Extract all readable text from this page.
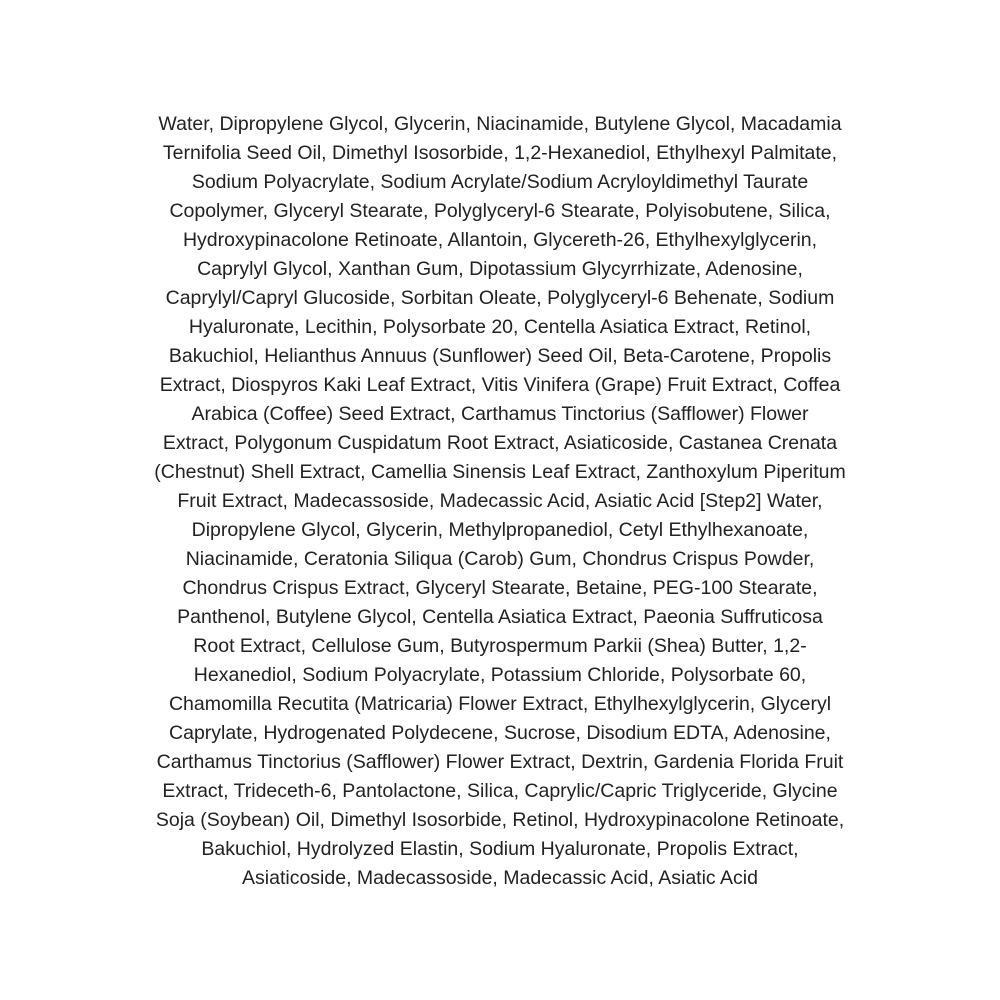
Water, Dipropylene Glycol, Glycerin, Niacinamide, Butylene Glycol, Macadamia
Ternifolia Seed Oil, Dimethyl Isosorbide, 1,2-Hexanediol, Ethylhexyl Palmitate,
Sodium Polyacrylate, Sodium Acrylate/Sodium Acryloyldimethyl Taurate
Copolymer, Glyceryl Stearate, Polyglyceryl-6 Stearate, Polyisobutene, Silica,
Hydroxypinacolone Retinoate, Allantoin, Glycereth-26, Ethylhexylglycerin,
Caprylyl Glycol, Xanthan Gum, Dipotassium Glycyrrhizate, Adenosine,
Caprylyl/Capryl Glucoside, Sorbitan Oleate, Polyglyceryl-6 Behenate, Sodium
Hyaluronate, Lecithin, Polysorbate 20, Centella Asiatica Extract, Retinol,
Bakuchiol, Helianthus Annuus (Sunflower) Seed Oil, Beta-Carotene, Propolis
Extract, Diospyros Kaki Leaf Extract, Vitis Vinifera (Grape) Fruit Extract, Coffea
Arabica (Coffee) Seed Extract, Carthamus Tinctorius (Safflower) Flower
Extract, Polygonum Cuspidatum Root Extract, Asiaticoside, Castanea Crenata
(Chestnut) Shell Extract, Camellia Sinensis Leaf Extract, Zanthoxylum Piperitum
Fruit Extract, Madecassoside, Madecassic Acid, Asiatic Acid [Step2] Water,
Dipropylene Glycol, Glycerin, Methylpropanediol, Cetyl Ethylhexanoate,
Niacinamide, Ceratonia Siliqua (Carob) Gum, Chondrus Crispus Powder,
Chondrus Crispus Extract, Glyceryl Stearate, Betaine, PEG-100 Stearate,
Panthenol, Butylene Glycol, Centella Asiatica Extract, Paeonia Suffruticosa
Root Extract, Cellulose Gum, Butyrospermum Parkii (Shea) Butter, 1,2-
Hexanediol, Sodium Polyacrylate, Potassium Chloride, Polysorbate 60,
Chamomilla Recutita (Matricaria) Flower Extract, Ethylhexylglycerin, Glyceryl
Caprylate, Hydrogenated Polydecene, Sucrose, Disodium EDTA, Adenosine,
Carthamus Tinctorius (Safflower) Flower Extract, Dextrin, Gardenia Florida Fruit
Extract, Trideceth-6, Pantolactone, Silica, Caprylic/Capric Triglyceride, Glycine
Soja (Soybean) Oil, Dimethyl Isosorbide, Retinol, Hydroxypinacolone Retinoate,
Bakuchiol, Hydrolyzed Elastin, Sodium Hyaluronate, Propolis Extract,
Asiaticoside, Madecassoside, Madecassic Acid, Asiatic Acid
